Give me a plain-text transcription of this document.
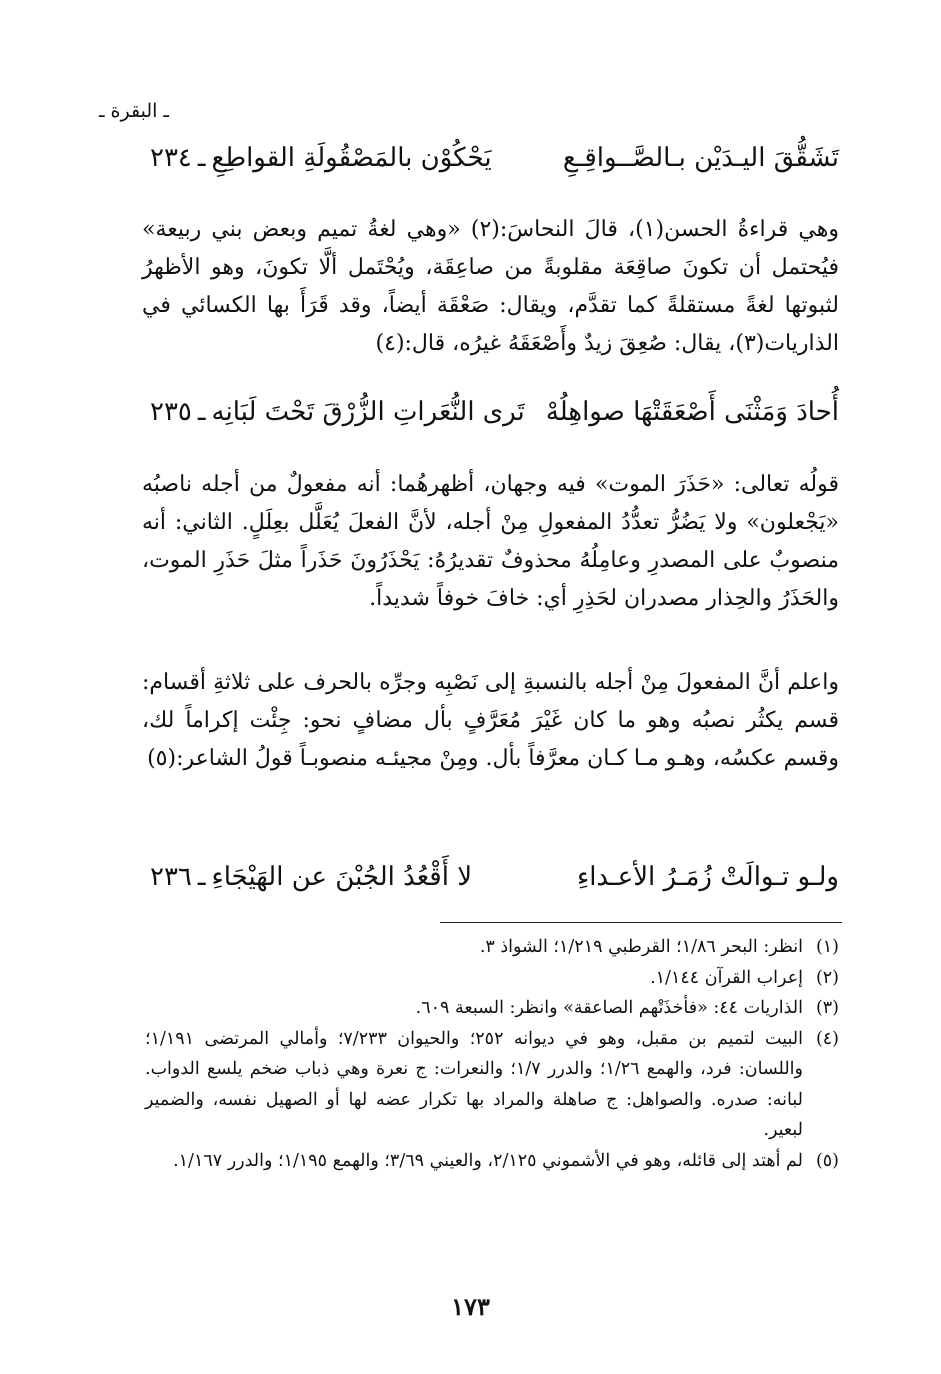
ـ البقرة ـ
٢٣٤ ـ يَحْكُوْن بالمَصْقُولَةِ القواطِعِ	تَشَقُّقَ اليـدَيْن بـالصَّــواقِـعِ

وهي قراءةُ الحسن(١)، قالَ النحاسَ:(٢) «وهي لغةُ تميم وبعض بني ربيعة» فيُحتمل أن تكونَ صاقِعَة مقلوبةً من صاعِقَة، ويُحْتَمل ألَّا تكونَ، وهو الأظهرُ لثبوتها لغةً مستقلةً كما تقدَّم، ويقال: صَعْقَة أيضاً، وقد قَرَأَ بها الكسائي في الذاريات(٣)، يقال: صُعِقَ زيدٌ وأَصْعَقَهُ غيرُه، قال:(٤)

٢٣٥ ـ تَرى النُّعَراتِ الزُّرْقَ تَحْتَ لَبَانِه أُحادَ وَمَثْنَى أَصْعَقَتْهَا صواهِلُهْ

قولُه تعالى: «حَذَرَ الموت» فيه وجهان، أظهرهُما: أنه مفعولٌ من أجله ناصبُه «يَجْعلون» ولا يَضُرُّ تعدُّدُ المفعولِ مِنْ أجله، لأنَّ الفعلَ يُعَلَّل بعِلَلٍ. الثاني: أنه منصوبٌ على المصدرِ وعامِلُهُ محذوفٌ تقديرُهُ: يَحْذَرُونَ حَذَراً مثلَ حَذَرِ الموت، والحَذَرُ والحِذار مصدران لحَذِرِ أي: خافَ خوفاً شديداً.

واعلم أنَّ المفعولَ مِنْ أجله بالنسبةِ إلى نَصْبِه وجرِّه بالحرف على ثلاثةِ أقسام: قسم يكثُر نصبُه وهو ما كان غَيْرَ مُعَرَّفٍ بأل مضافٍ نحو: جِئْت إكراماً لك، وقسم عكسُه، وهـو مـا كـان معرَّفاً بأل. ومِنْ مجيئـه منصوبـاً قولُ الشاعر:(٥)

٢٣٦ ـ لا أَقْعُدُ الجُبْنَ عن الهَيْجَاءِ	ولـو تـوالَتْ زُمَـرُ الأعـداءِ
(١)
انظر: البحر ١/٨٦؛ القرطبي ١/٢١٩؛ الشواذ ٣.
(٢)
إعراب القرآن ١/١٤٤.
(٣)
الذاريات ٤٤: «فأخذَتْهم الصاعقة» وانظر: السبعة ٦٠٩.
(٤)
البيت لتميم بن مقبل، وهو في ديوانه ٢٥٢؛ والحيوان ٧/٢٣٣؛ وأمالي المرتضى ١/١٩١؛ واللسان: فرد، والهمع ١/٢٦؛ والدرر ١/٧؛ والنعرات: ج نعرة وهي ذباب ضخم يلسع الدواب. لبانه: صدره. والصواهل: ج صاهلة والمراد بها تكرار عضه لها أو الصهيل نفسه، والضمير لبعير.
(٥)
لم أهتد إلى قائله، وهو في الأشموني ٢/١٢٥، والعيني ٣/٦٩؛ والهمع ١/١٩٥؛ والدرر ١/١٦٧.
١٧٣
